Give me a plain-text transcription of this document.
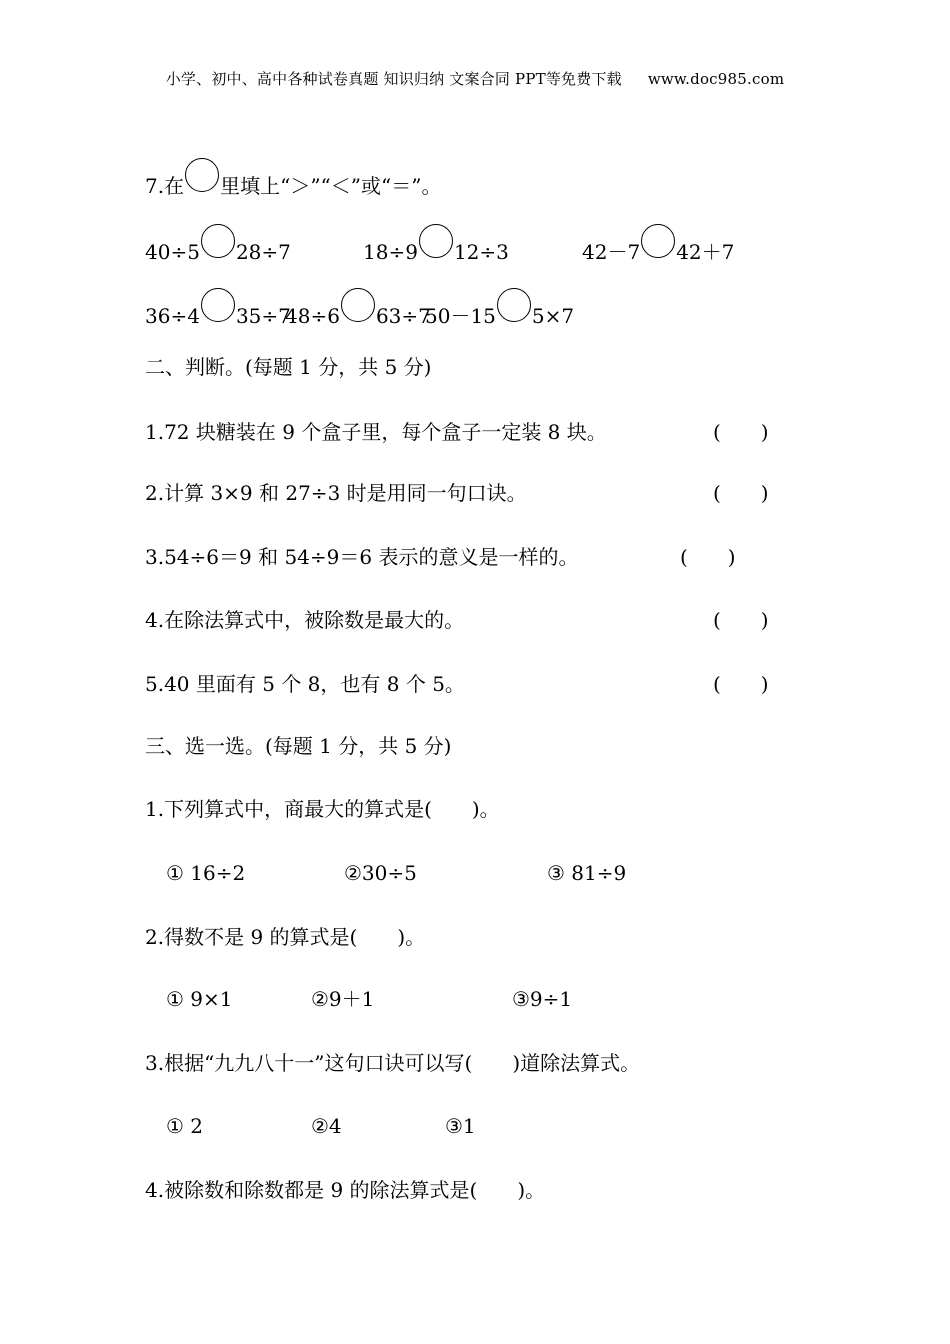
小学、初中、高中各种试卷真题 知识归纳 文案合同 PPT等免费下载 www.doc985.com
7.在 里填上“＞”“＜”或“＝”。
40÷5 28÷7	18÷9 12÷3	42－7 42＋7
36÷4 35÷7
48÷6 63÷7
50－15 5×7
二、判断。(每题 1 分，共 5 分)
1.72 块糖装在 9 个盒子里，每个盒子一定装 8 块。	(　　)
2.计算 3×9 和 27÷3 时是用同一句口诀。	(　　)
3.54÷6＝9 和 54÷9＝6 表示的意义是一样的。	(　　)
4.在除法算式中，被除数是最大的。	(　　)
5.40 里面有 5 个 8，也有 8 个 5。	(　　)
三、选一选。(每题 1 分，共 5 分)
1.下列算式中，商最大的算式是(　　)。
① 16÷2	②30÷5	③ 81÷9
2.得数不是 9 的算式是(　　)。
① 9×1	②9＋1	③9÷1
3.根据“九九八十一”这句口诀可以写(　　)道除法算式。
① 2	②4	③1
4.被除数和除数都是 9 的除法算式是(　　)。
